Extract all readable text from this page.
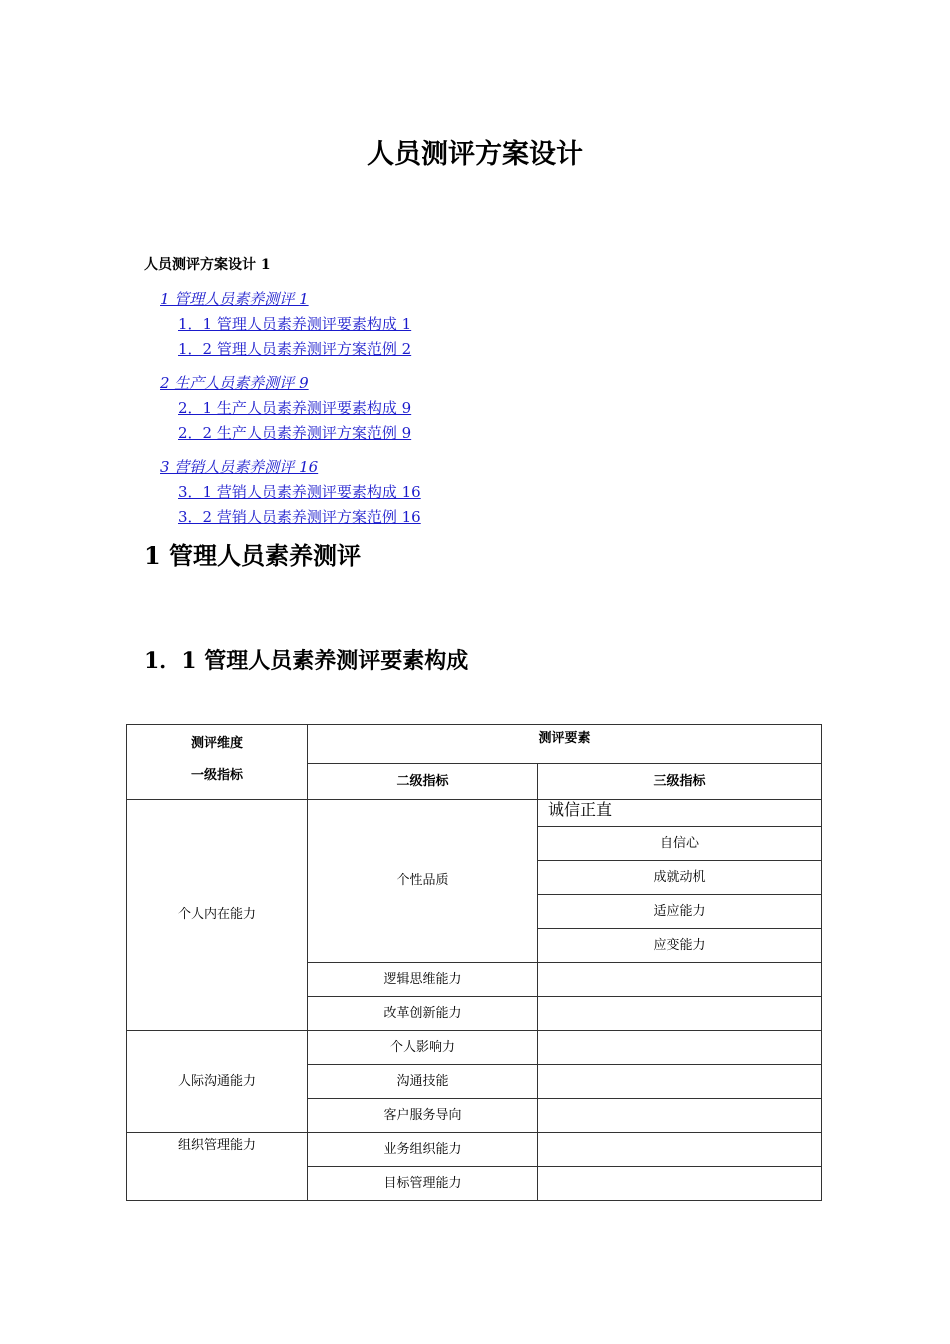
人员测评方案设计

人员测评方案设计 1

1 管理人员素养测评 1
1．1 管理人员素养测评要素构成 1
1．2 管理人员素养测评方案范例 2
2 生产人员素养测评 9
2．1 生产人员素养测评要素构成 9
2．2 生产人员素养测评方案范例 9
3 营销人员素养测评 16
3．1 营销人员素养测评要素构成 16
3．2 营销人员素养测评方案范例 16
1 管理人员素养测评
1．1 管理人员素养测评要素构成
测评维度
一级指标	测评要素	
	二级指标	三级指标
个人内在能力	个性品质	诚信正直
		自信心
		成就动机
		适应能力
		应变能力
	逻辑思维能力	
	改革创新能力	
人际沟通能力	个人影响力	
	沟通技能	
	客户服务导向	
组织管理能力	业务组织能力	
	目标管理能力	
